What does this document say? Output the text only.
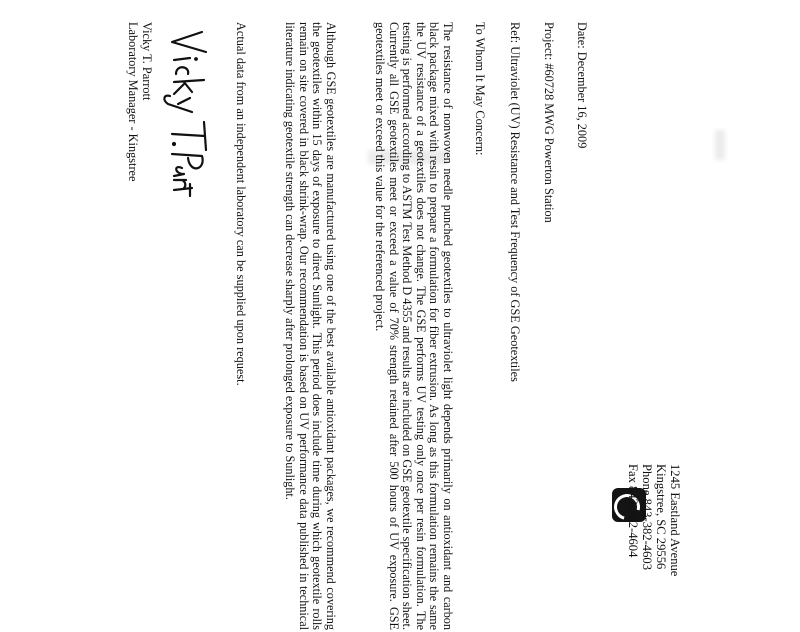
1245 Eastland Avenue
Kingstree, SC 29556
Phone 843-382-4603
Fax 843-382-4604
Date: December 16, 2009
Project: #60728 MWG Powerton Station
Ref: Ultraviolet (UV) Resistance and Test Frequency of GSE Geotextiles
To Whom It May Concern:

The resistance of nonwoven needle punched geotextiles to ultraviolet light depends primarily on antioxidant and carbon black package mixed with resin to prepare a formulation for fiber extrusion. As long as this formulation remains the same the UV resistance of a geotextiles does not change. The GSE performs UV testing only once per resin formulation. The testing is performed according to ASTM Test Method D 4355 and results are included on GSE geotextile specification sheet. Currently all GSE geotextiles meet or exceed a value of 70% strength retained after 500 hours of UV exposure. GSE geotextiles meet or exceed this value for the referenced project.

Although GSE geotextiles are manufactured using one of the best available antioxidant packages, we recommend covering the geotextiles within 15 days of exposure to direct Sunlight. This period does include time during which geotextile rolls remain on site covered in black shrink-wrap. Our recommendation is based on UV performance data published in technical literature indicating geotextile strength can decrease sharply after prolonged exposure to Sunlight.

Actual data from an independent laboratory can be supplied upon request.

Vicky T. Parrott
Laboratory Manager - Kingstree
